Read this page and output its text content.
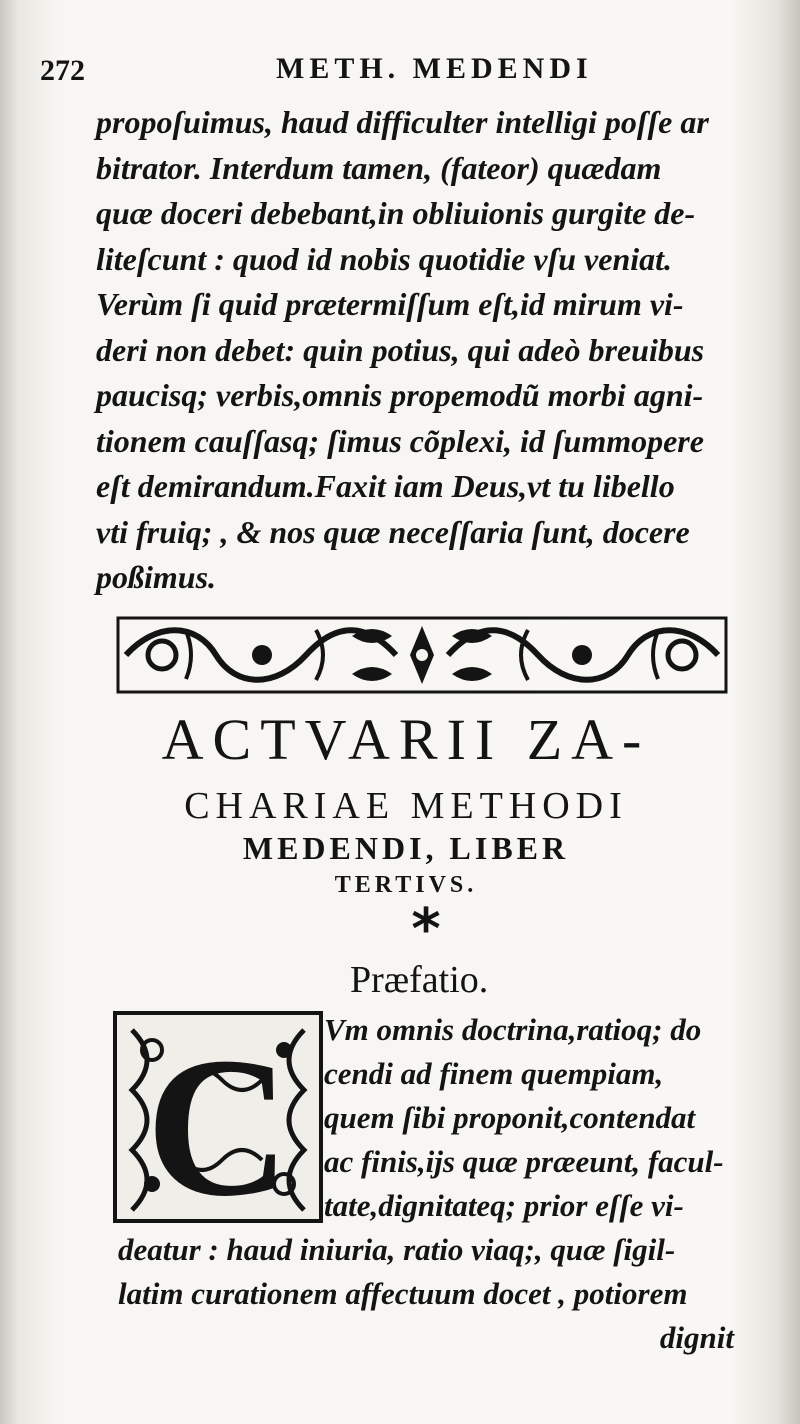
272	METH. MEDENDI
propoſuimus, haud difficulter intelligi poſſe ar
bitrator. Interdum tamen, (fateor) quædam
quæ doceri debebant,in obliuionis gurgite de-
liteſcunt : quod id nobis quotidie vſu veniat.
Verùm ſi quid prætermiſſum eſt,id mirum vi-
deri non debet: quin potius, qui adeò breuibus
paucisq; verbis,omnis propemodũ morbi agni-
tionem cauſſasq; ſimus cõplexi, id ſummopere
eſt demirandum.Faxit iam Deus,vt tu libello
vti fruiq; , & nos quæ neceſſaria ſunt, docere
poßimus.
ACTVARII ZA-
CHARIAE METHODI
MEDENDI, LIBER
TERTIVS.
*
Præfatio.
C Vm omnis doctrina,ratioq; do
cendi ad finem quempiam,
quem ſibi proponit,contendat
ac finis,ijs quæ præeunt, facul-
tate,dignitateq; prior eſſe vi-
deatur : haud iniuria, ratio viaq;, quæ ſigil-
latim curationem affectuum docet , potiorem
dignit
